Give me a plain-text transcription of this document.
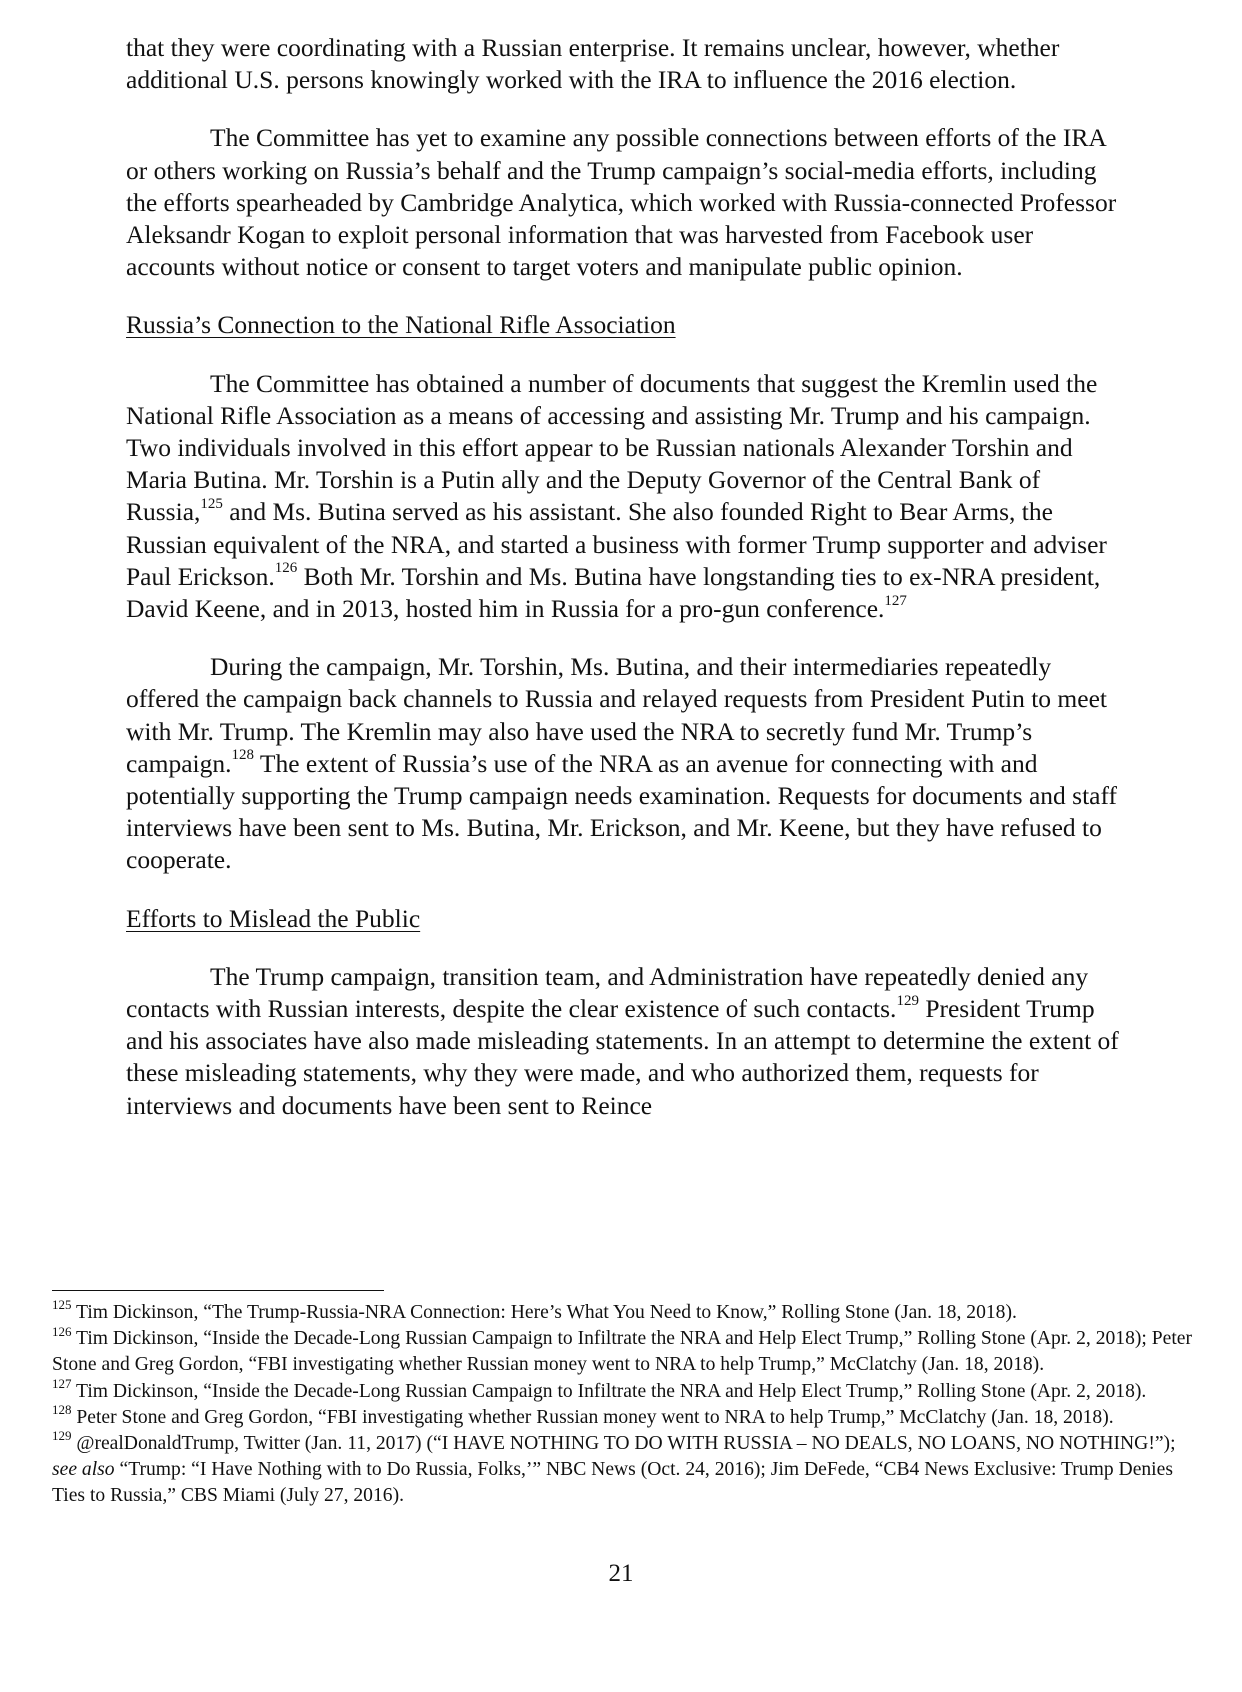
that they were coordinating with a Russian enterprise. It remains unclear, however, whether additional U.S. persons knowingly worked with the IRA to influence the 2016 election.

The Committee has yet to examine any possible connections between efforts of the IRA or others working on Russia’s behalf and the Trump campaign’s social-media efforts, including the efforts spearheaded by Cambridge Analytica, which worked with Russia-connected Professor Aleksandr Kogan to exploit personal information that was harvested from Facebook user accounts without notice or consent to target voters and manipulate public opinion.

Russia’s Connection to the National Rifle Association

The Committee has obtained a number of documents that suggest the Kremlin used the National Rifle Association as a means of accessing and assisting Mr. Trump and his campaign. Two individuals involved in this effort appear to be Russian nationals Alexander Torshin and Maria Butina. Mr. Torshin is a Putin ally and the Deputy Governor of the Central Bank of Russia,$^{125}$ and Ms. Butina served as his assistant. She also founded Right to Bear Arms, the Russian equivalent of the NRA, and started a business with former Trump supporter and adviser Paul Erickson.$^{126}$ Both Mr. Torshin and Ms. Butina have longstanding ties to ex-NRA president, David Keene, and in 2013, hosted him in Russia for a pro-gun conference.$^{127}$

During the campaign, Mr. Torshin, Ms. Butina, and their intermediaries repeatedly offered the campaign back channels to Russia and relayed requests from President Putin to meet with Mr. Trump. The Kremlin may also have used the NRA to secretly fund Mr. Trump’s campaign.$^{128}$ The extent of Russia’s use of the NRA as an avenue for connecting with and potentially supporting the Trump campaign needs examination. Requests for documents and staff interviews have been sent to Ms. Butina, Mr. Erickson, and Mr. Keene, but they have refused to cooperate.

Efforts to Mislead the Public

The Trump campaign, transition team, and Administration have repeatedly denied any contacts with Russian interests, despite the clear existence of such contacts.$^{129}$ President Trump and his associates have also made misleading statements. In an attempt to determine the extent of these misleading statements, why they were made, and who authorized them, requests for interviews and documents have been sent to Reince

$^{125}$ Tim Dickinson, “The Trump-Russia-NRA Connection: Here’s What You Need to Know,” Rolling Stone (Jan. 18, 2018).

$^{126}$ Tim Dickinson, “Inside the Decade-Long Russian Campaign to Infiltrate the NRA and Help Elect Trump,” Rolling Stone (Apr. 2, 2018); Peter Stone and Greg Gordon, “FBI investigating whether Russian money went to NRA to help Trump,” McClatchy (Jan. 18, 2018).

$^{127}$ Tim Dickinson, “Inside the Decade-Long Russian Campaign to Infiltrate the NRA and Help Elect Trump,” Rolling Stone (Apr. 2, 2018).

$^{128}$ Peter Stone and Greg Gordon, “FBI investigating whether Russian money went to NRA to help Trump,” McClatchy (Jan. 18, 2018).

$^{129}$ @realDonaldTrump, Twitter (Jan. 11, 2017) (“I HAVE NOTHING TO DO WITH RUSSIA – NO DEALS, NO LOANS, NO NOTHING!”); see also “Trump: “I Have Nothing with to Do Russia, Folks,’” NBC News (Oct. 24, 2016); Jim DeFede, “CB4 News Exclusive: Trump Denies Ties to Russia,” CBS Miami (July 27, 2016).

21
